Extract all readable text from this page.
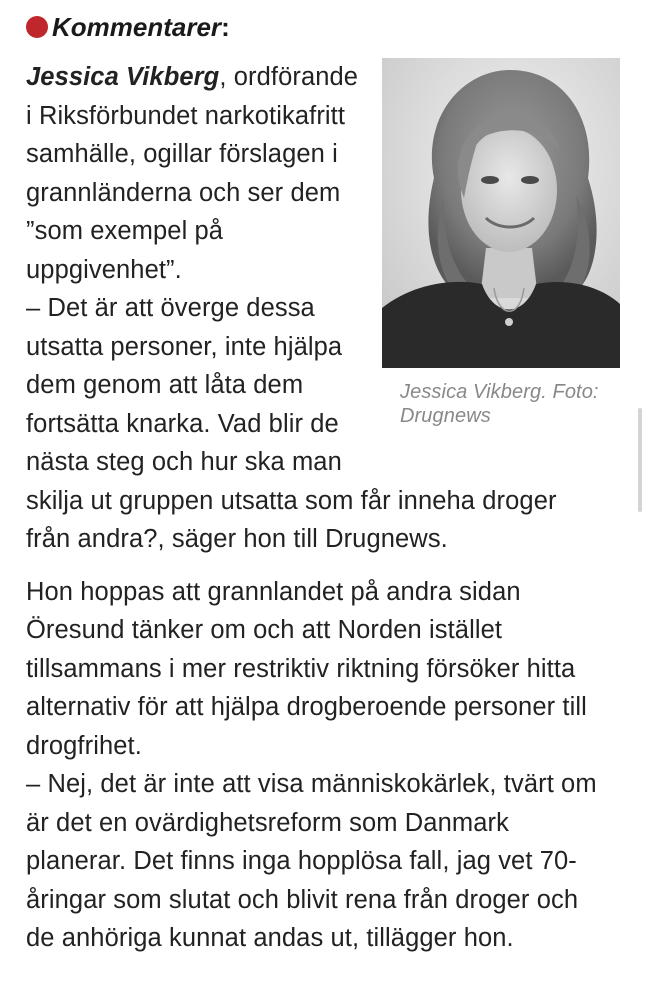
Kommentarer :
Jessica Vikberg. Foto: Drugnews

Jessica Vikberg, ordförande i Riksförbundet narkotikafritt samhälle, ogillar förslagen i grannländerna och ser dem ”som exempel på uppgivenhet”.
– Det är att överge dessa utsatta personer, inte hjälpa dem genom att låta dem fortsätta knarka. Vad blir de nästa steg och hur ska man skilja ut gruppen utsatta som får inneha droger från andra?, säger hon till Drugnews.

Hon hoppas att grannlandet på andra sidan Öresund tänker om och att Norden istället tillsammans i mer restriktiv riktning försöker hitta alternativ för att hjälpa drogberoende personer till drogfrihet.
– Nej, det är inte att visa människokärlek, tvärt om är det en ovärdighetsreform som Danmark planerar. Det finns inga hopplösa fall, jag vet 70-åringar som slutat och blivit rena från droger och de anhöriga kunnat andas ut, tillägger hon.
